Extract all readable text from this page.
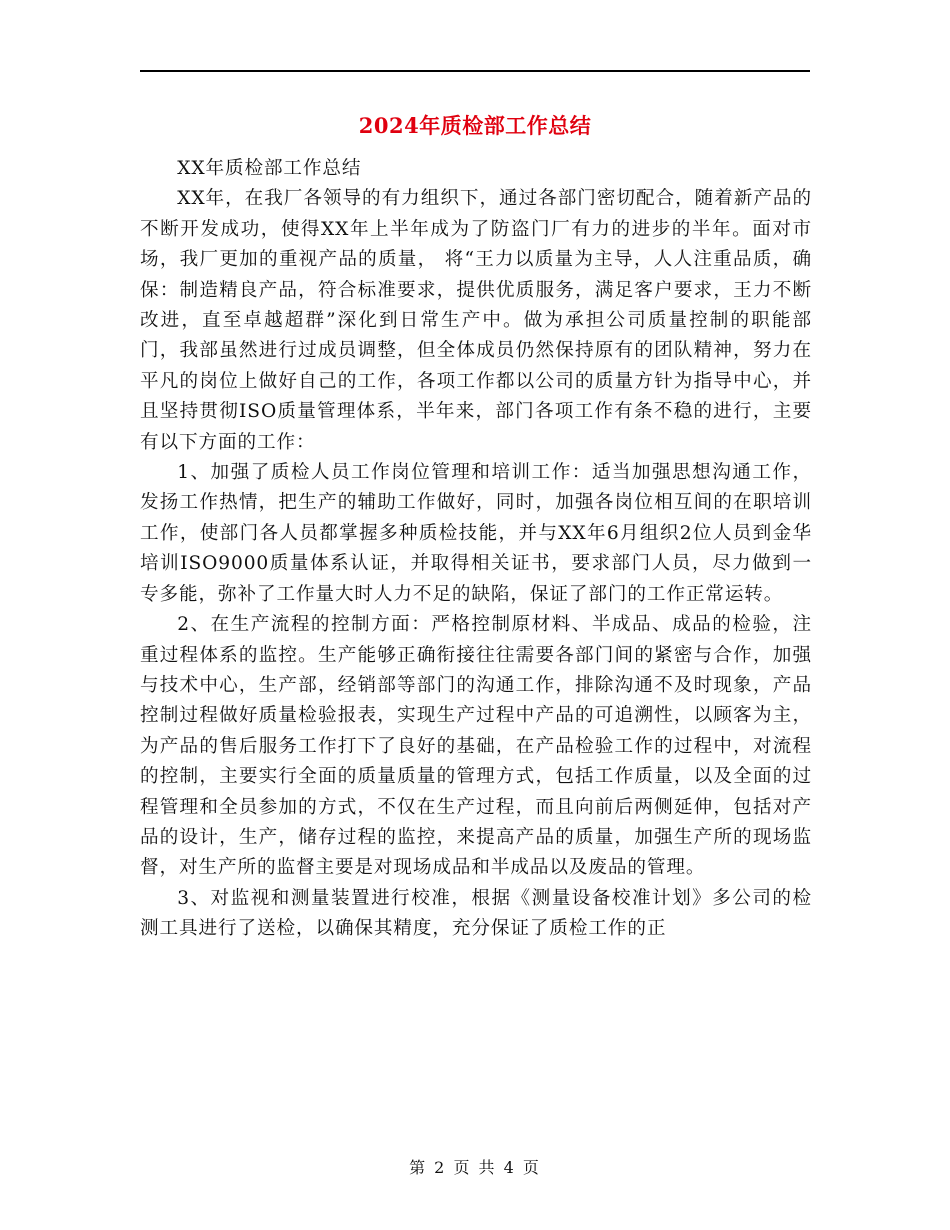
2024年质检部工作总结

XX年质检部工作总结

XX年，在我厂各领导的有力组织下，通过各部门密切配合，随着新产品的不断开发成功，使得XX年上半年成为了防盗门厂有力的进步的半年。面对市场，我厂更加的重视产品的质量， 将“王力以质量为主导，人人注重品质，确保：制造精良产品，符合标准要求，提供优质服务，满足客户要求，王力不断改进，直至卓越超群”深化到日常生产中。做为承担公司质量控制的职能部门，我部虽然进行过成员调整，但全体成员仍然保持原有的团队精神，努力在平凡的岗位上做好自己的工作，各项工作都以公司的质量方针为指导中心，并且坚持贯彻ISO质量管理体系，半年来，部门各项工作有条不稳的进行，主要有以下方面的工作：

1、加强了质检人员工作岗位管理和培训工作：适当加强思想沟通工作，发扬工作热情，把生产的辅助工作做好，同时，加强各岗位相互间的在职培训工作，使部门各人员都掌握多种质检技能，并与XX年6月组织2位人员到金华培训ISO9000质量体系认证，并取得相关证书，要求部门人员，尽力做到一专多能，弥补了工作量大时人力不足的缺陷，保证了部门的工作正常运转。

2、在生产流程的控制方面：严格控制原材料、半成品、成品的检验，注重过程体系的监控。生产能够正确衔接往往需要各部门间的紧密与合作，加强与技术中心，生产部，经销部等部门的沟通工作，排除沟通不及时现象，产品控制过程做好质量检验报表，实现生产过程中产品的可追溯性，以顾客为主，为产品的售后服务工作打下了良好的基础，在产品检验工作的过程中，对流程的控制，主要实行全面的质量质量的管理方式，包括工作质量，以及全面的过程管理和全员参加的方式，不仅在生产过程，而且向前后两侧延伸，包括对产品的设计，生产，储存过程的监控，来提高产品的质量，加强生产所的现场监督，对生产所的监督主要是对现场成品和半成品以及废品的管理。

3、对监视和测量装置进行校准，根据《测量设备校准计划》多公司的检测工具进行了送检，以确保其精度，充分保证了质检工作的正

第 2 页 共 4 页
